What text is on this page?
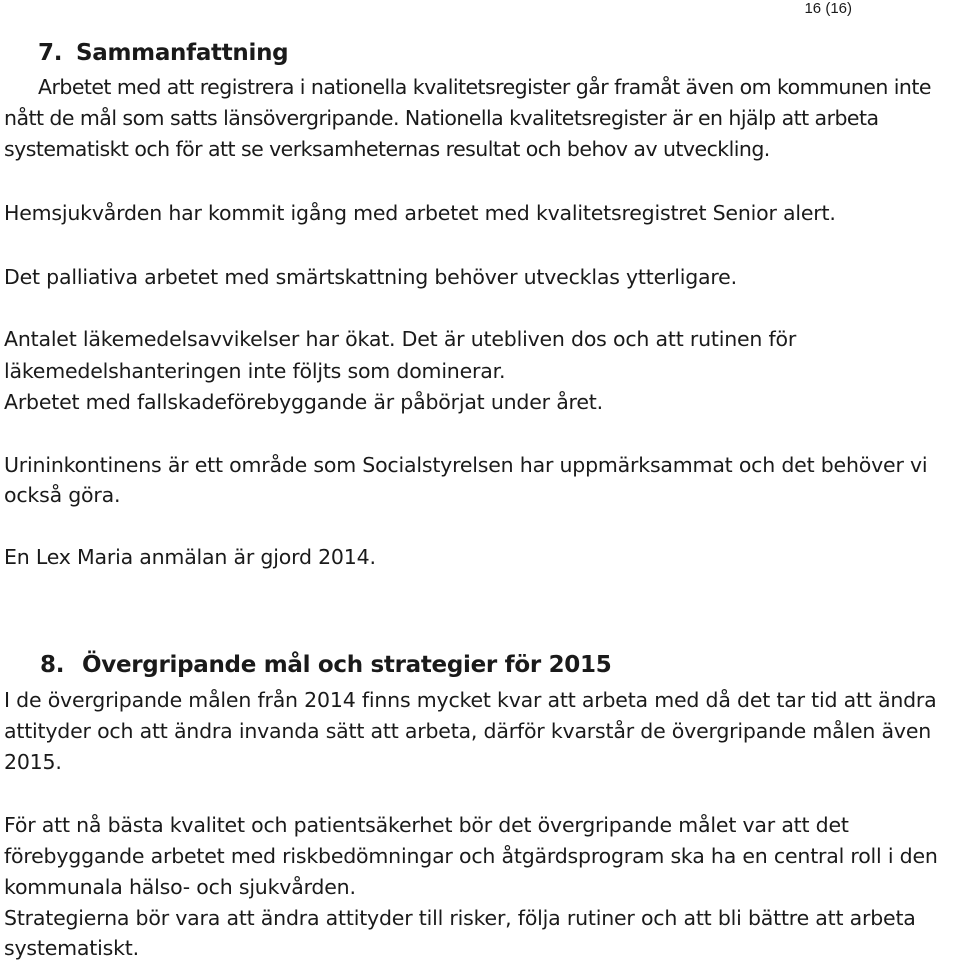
16 (16)
7. Sammanfattning
Arbetet med att registrera i nationella kvalitetsregister går framåt även om kommunen inte
nått de mål som satts länsövergripande. Nationella kvalitetsregister är en hjälp att arbeta
systematiskt och för att se verksamheternas resultat och behov av utveckling.
Hemsjukvården har kommit igång med arbetet med kvalitetsregistret Senior alert.
Det palliativa arbetet med smärtskattning behöver utvecklas ytterligare.
Antalet läkemedelsavvikelser har ökat. Det är utebliven dos och att rutinen för
läkemedelshanteringen inte följts som dominerar.
Arbetet med fallskadeförebyggande är påbörjat under året.
Urininkontinens är ett område som Socialstyrelsen har uppmärksammat och det behöver vi
också göra.
En Lex Maria anmälan är gjord 2014.
8. Övergripande mål och strategier för 2015
I de övergripande målen från 2014 finns mycket kvar att arbeta med då det tar tid att ändra
attityder och att ändra invanda sätt att arbeta, därför kvarstår de övergripande målen även
2015.
För att nå bästa kvalitet och patientsäkerhet bör det övergripande målet var att det
förebyggande arbetet med riskbedömningar och åtgärdsprogram ska ha en central roll i den
kommunala hälso- och sjukvården.
Strategierna bör vara att ändra attityder till risker, följa rutiner och att bli bättre att arbeta
systematiskt.
